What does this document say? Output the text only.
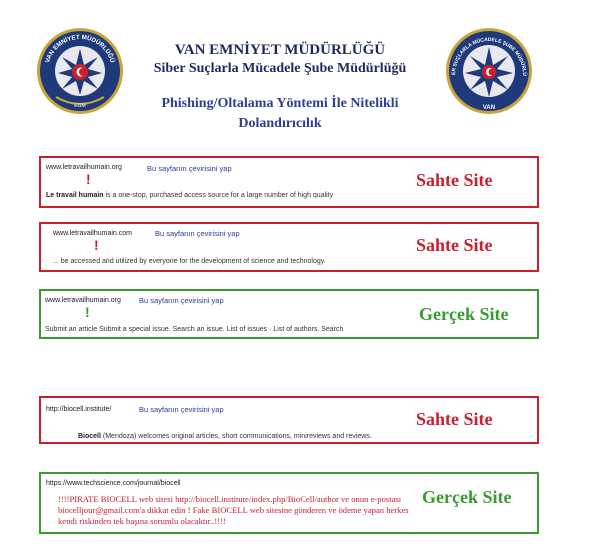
VAN EMNİYET MÜDÜRLÜĞÜ
EGM
SİBER SUÇLARLA MÜCADELE ŞUBE MÜDÜRLÜĞÜ
VAN
VAN EMNİYET MÜDÜRLÜĞÜ
Siber Suçlarla Mücadele Şube Müdürlüğü
Phishing/Oltalama Yöntemi İle Nitelikli
Dolandırıcılık
www.letravailhumain.org	Bu sayfanın çevirisini yap
!
Le travail humain is a one-stop, purchased access source for a large number of high quality
Sahte Site
www.letravailhumain.com	Bu sayfanın çevirisini yap
!
... be accessed and utilized by everyone for the development of science and technology.
Sahte Site
www.letravailhumain.org Bu sayfanın çevirisini yap
!
Submit an article Submit a special issue. Search an issue. List of issues · List of authors. Search
Gerçek Site
http://biocell.institute/	Bu sayfanın çevirisini yap
Biocell (Mendoza) welcomes original articles, short communications, minireviews and reviews.
Sahte Site
https://www.techscience.com/journal/biocell
!!!!PIRATE BIOCELL web sitesi http://biocell.institute/index.php/BioCell/author ve onun e-postası biocelljour@gmail.com'a dikkat edin ! Fake BIOCELL web sitesine gönderen ve ödeme yapan herkes kendi riskinden tek başına sorumlu olacaktır..!!!!
Gerçek Site
